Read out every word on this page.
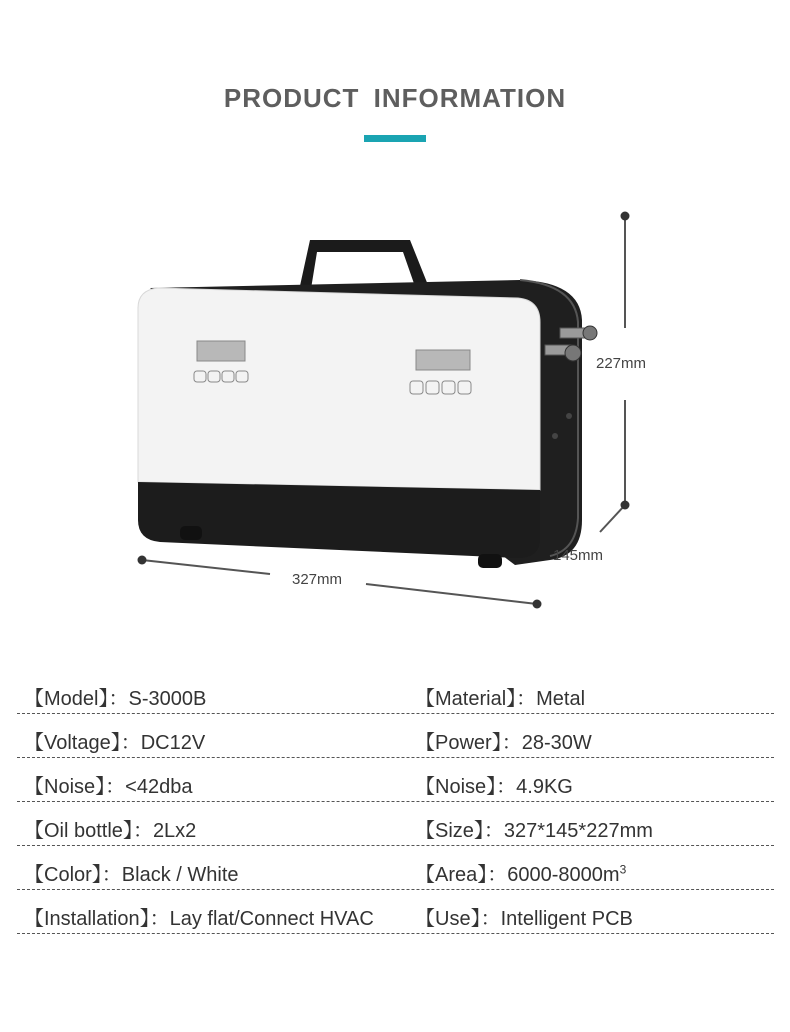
PRODUCT INFORMATION
227mm
145mm
327mm
【Model】：S-3000B	【Material】：Metal
【Voltage】：DC12V	【Power】：28-30W
【Noise】：<42dba	【Noise】：4.9KG
【Oil bottle】：2Lx2	【Size】：327*145*227mm
【Color】：Black / White	【Area】：$6000-8000m^3$
【Installation】：Lay flat/Connect HVAC 【Use】：Intelligent PCB
